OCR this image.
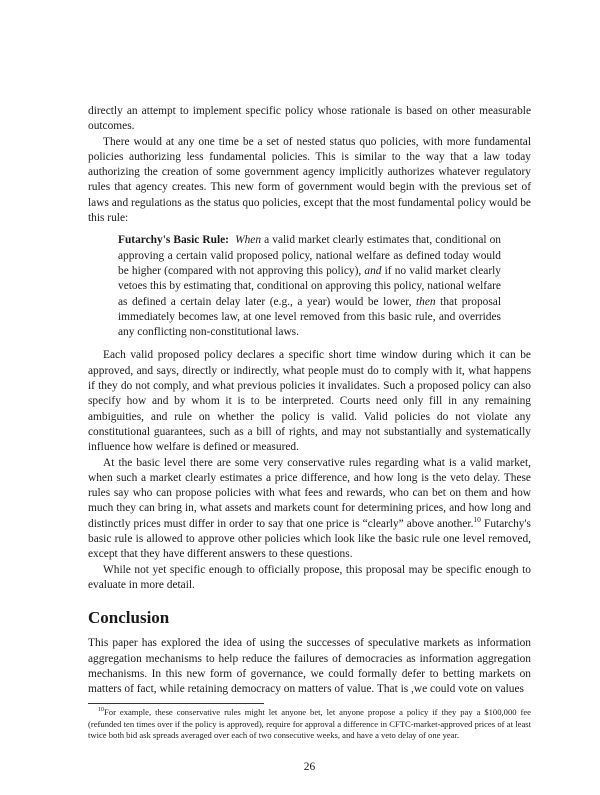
directly an attempt to implement specific policy whose rationale is based on other measurable outcomes.

There would at any one time be a set of nested status quo policies, with more fundamental policies authorizing less fundamental policies. This is similar to the way that a law today authorizing the creation of some government agency implicitly authorizes whatever regulatory rules that agency creates. This new form of government would begin with the previous set of laws and regulations as the status quo policies, except that the most fundamental policy would be this rule:

Futarchy's Basic Rule: When a valid market clearly estimates that, conditional on approving a certain valid proposed policy, national welfare as defined today would be higher (compared with not approving this policy), and if no valid market clearly vetoes this by estimating that, conditional on approving this policy, national welfare as defined a certain delay later (e.g., a year) would be lower, then that proposal immediately becomes law, at one level removed from this basic rule, and overrides any conflicting non-constitutional laws.

Each valid proposed policy declares a specific short time window during which it can be approved, and says, directly or indirectly, what people must do to comply with it, what happens if they do not comply, and what previous policies it invalidates. Such a proposed policy can also specify how and by whom it is to be interpreted. Courts need only fill in any remaining ambiguities, and rule on whether the policy is valid. Valid policies do not violate any constitutional guarantees, such as a bill of rights, and may not substantially and systematically influence how welfare is defined or measured.

At the basic level there are some very conservative rules regarding what is a valid market, when such a market clearly estimates a price difference, and how long is the veto delay. These rules say who can propose policies with what fees and rewards, who can bet on them and how much they can bring in, what assets and markets count for determining prices, and how long and distinctly prices must differ in order to say that one price is “clearly” above another.$^{10}$ Futarchy's basic rule is allowed to approve other policies which look like the basic rule one level removed, except that they have different answers to these questions.

While not yet specific enough to officially propose, this proposal may be specific enough to evaluate in more detail.

Conclusion

This paper has explored the idea of using the successes of speculative markets as information aggregation mechanisms to help reduce the failures of democracies as information aggregation mechanisms. In this new form of governance, we could formally defer to betting markets on matters of fact, while retaining democracy on matters of value. That is ,we could vote on values

$^{10}$For example, these conservative rules might let anyone bet, let anyone propose a policy if they pay a $100,000 fee (refunded ten times over if the policy is approved), require for approval a difference in CFTC-market-approved prices of at least twice both bid ask spreads averaged over each of two consecutive weeks, and have a veto delay of one year.

26
